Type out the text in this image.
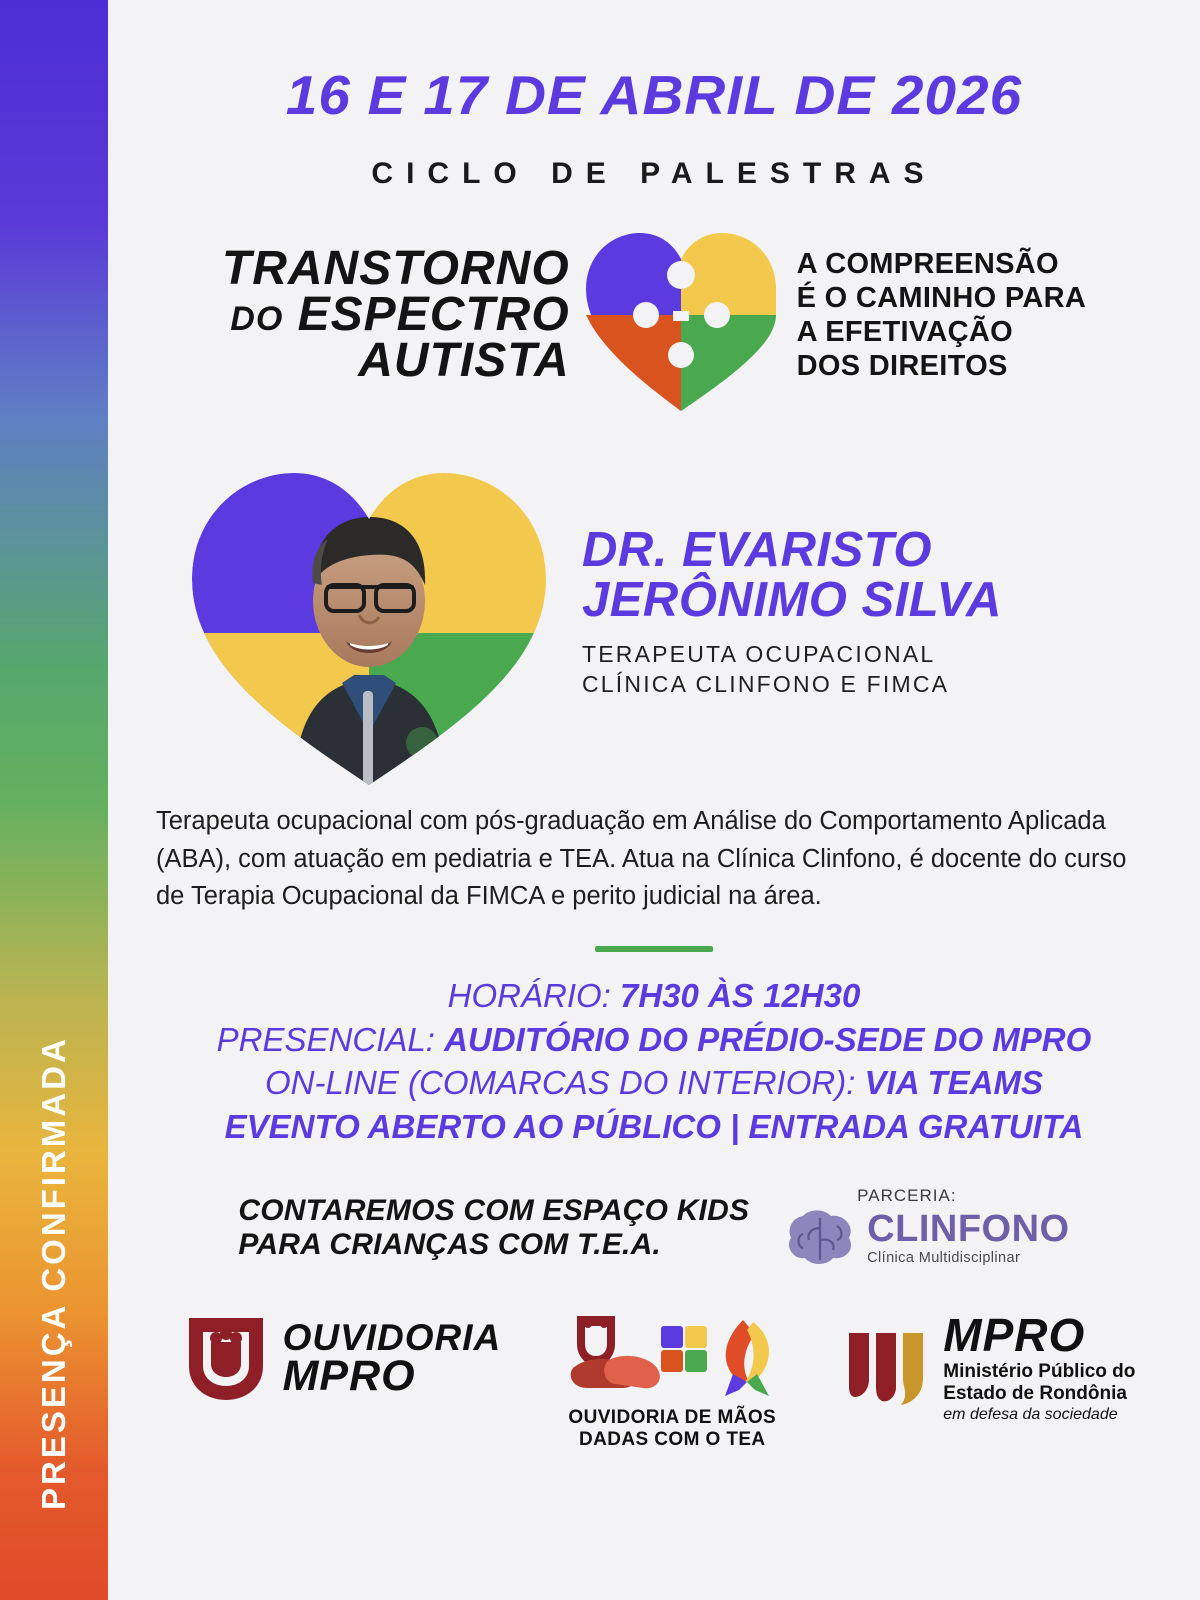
PRESENÇA CONFIRMADA
16 E 17 DE ABRIL DE 2026
CICLO DE PALESTRAS
TRANSTORNO
DO ESPECTRO
AUTISTA
A COMPREENSÃO
É O CAMINHO PARA
A EFETIVAÇÃO
DOS DIREITOS
DR. EVARISTO
JERÔNIMO SILVA
TERAPEUTA OCUPACIONAL
CLÍNICA CLINFONO E FIMCA
Terapeuta ocupacional com pós-graduação em Análise do Comportamento Aplicada (ABA), com atuação em pediatria e TEA. Atua na Clínica Clinfono, é docente do curso de Terapia Ocupacional da FIMCA e perito judicial na área.
HORÁRIO: 7H30 ÀS 12H30
PRESENCIAL: AUDITÓRIO DO PRÉDIO-SEDE DO MPRO
ON-LINE (COMARCAS DO INTERIOR): VIA TEAMS
EVENTO ABERTO AO PÚBLICO | ENTRADA GRATUITA
CONTAREMOS COM ESPAÇO KIDS
PARA CRIANÇAS COM T.E.A.
PARCERIA:
CLINFONO
Clínica Multidisciplinar
OUVIDORIA
MPRO
OUVIDORIA DE MÃOS
DADAS COM O TEA
MPRO
Ministério Público do
Estado de Rondônia
em defesa da sociedade
